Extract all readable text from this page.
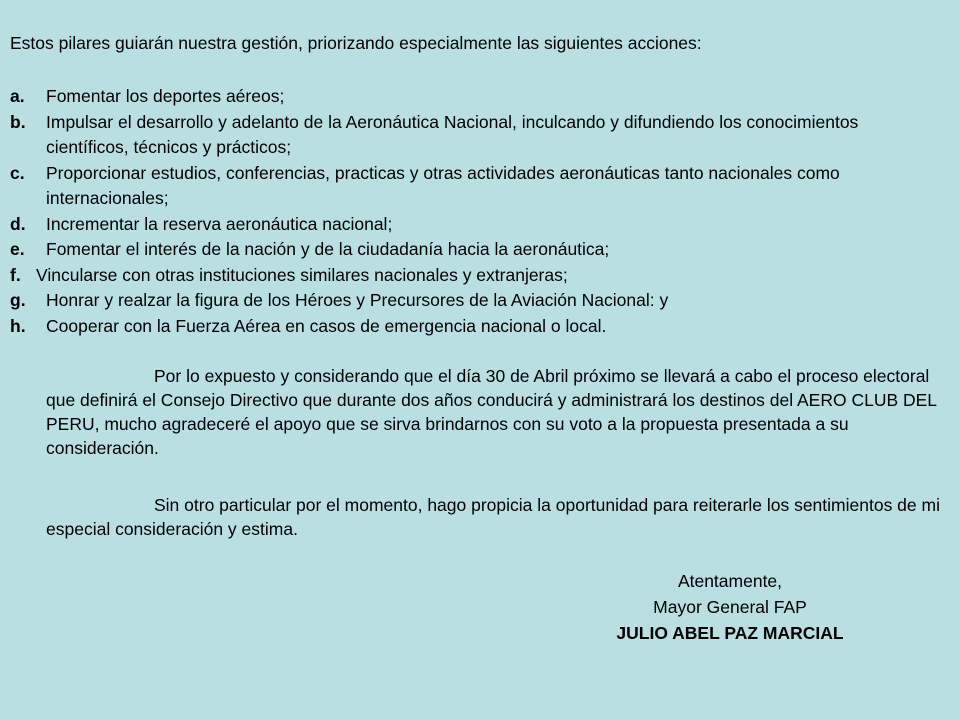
Estos pilares guiarán nuestra gestión, priorizando especialmente las siguientes acciones:
a.	Fomentar los deportes aéreos;
b.	Impulsar el desarrollo y adelanto de la Aeronáutica Nacional, inculcando y difundiendo los conocimientos científicos, técnicos y prácticos;
c.	Proporcionar estudios, conferencias, practicas y otras actividades aeronáuticas tanto nacionales como internacionales;
d.	Incrementar la reserva aeronáutica nacional;
e.	Fomentar el interés de la nación y de la ciudadanía hacia la aeronáutica;
f. Vincularse con otras instituciones similares nacionales y extranjeras;
g.	Honrar y realzar la figura de los Héroes y Precursores de la Aviación Nacional: y
h.	Cooperar con la Fuerza Aérea en casos de emergencia nacional o local.

Por lo expuesto y considerando que el día 30 de Abril próximo se llevará a cabo el proceso electoral que definirá el Consejo Directivo que durante dos años conducirá y administrará los destinos del AERO CLUB DEL PERU, mucho agradeceré el apoyo que se sirva brindarnos con su voto a la propuesta presentada a su consideración.

Sin otro particular por el momento, hago propicia la oportunidad para reiterarle los sentimientos de mi especial consideración y estima.

Atentamente,
Mayor General FAP
JULIO ABEL PAZ MARCIAL
